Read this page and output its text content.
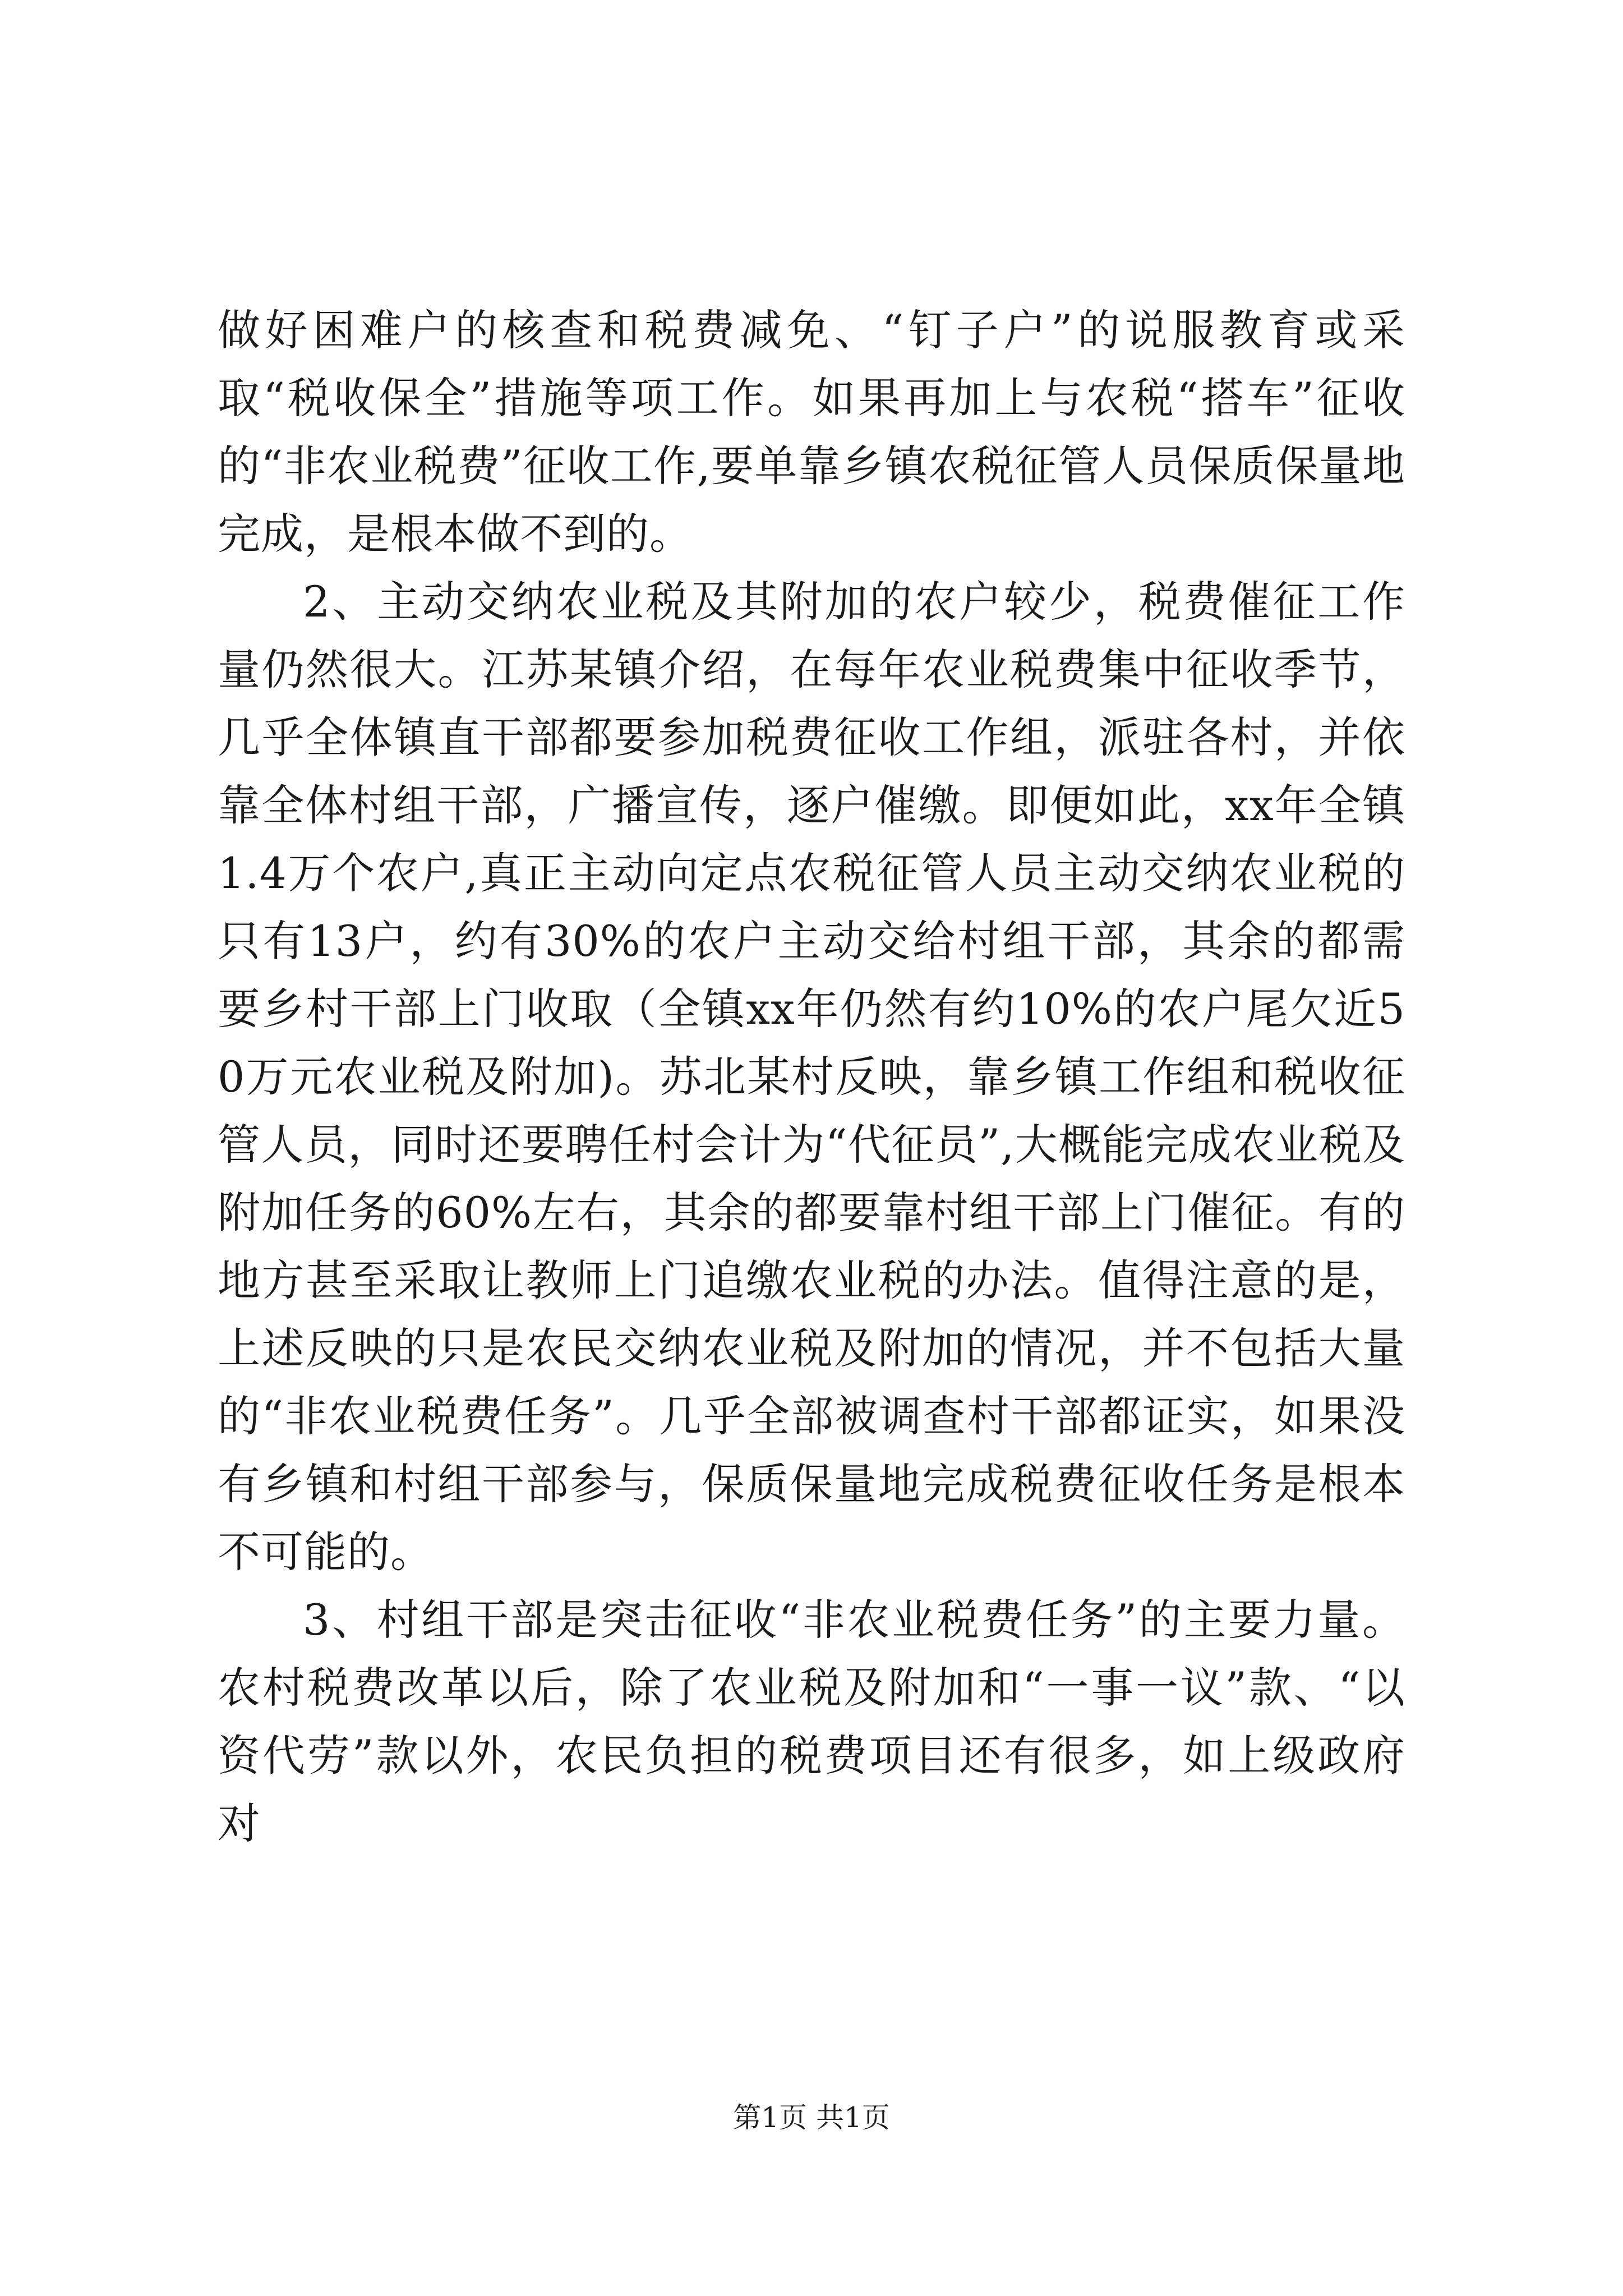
做好困难户的核查和税费减免、“钉子户”的说服教育或采取“税收保全”措施等项工作。如果再加上与农税“搭车”征收的“非农业税费”征收工作,要单靠乡镇农税征管人员保质保量地完成，是根本做不到的。

2、主动交纳农业税及其附加的农户较少，税费催征工作量仍然很大。江苏某镇介绍，在每年农业税费集中征收季节，几乎全体镇直干部都要参加税费征收工作组，派驻各村，并依靠全体村组干部，广播宣传，逐户催缴。即便如此，xx年全镇1.4万个农户,真正主动向定点农税征管人员主动交纳农业税的只有13户，约有30%的农户主动交给村组干部，其余的都需要乡村干部上门收取（全镇xx年仍然有约10%的农户尾欠近50万元农业税及附加)。苏北某村反映，靠乡镇工作组和税收征管人员，同时还要聘任村会计为“代征员”,大概能完成农业税及附加任务的60%左右，其余的都要靠村组干部上门催征。有的地方甚至采取让教师上门追缴农业税的办法。值得注意的是，上述反映的只是农民交纳农业税及附加的情况，并不包括大量的“非农业税费任务”。几乎全部被调查村干部都证实，如果没有乡镇和村组干部参与，保质保量地完成税费征收任务是根本不可能的。

3、村组干部是突击征收“非农业税费任务”的主要力量。农村税费改革以后，除了农业税及附加和“一事一议”款、“以资代劳”款以外，农民负担的税费项目还有很多，如上级政府对

第1页 共1页
